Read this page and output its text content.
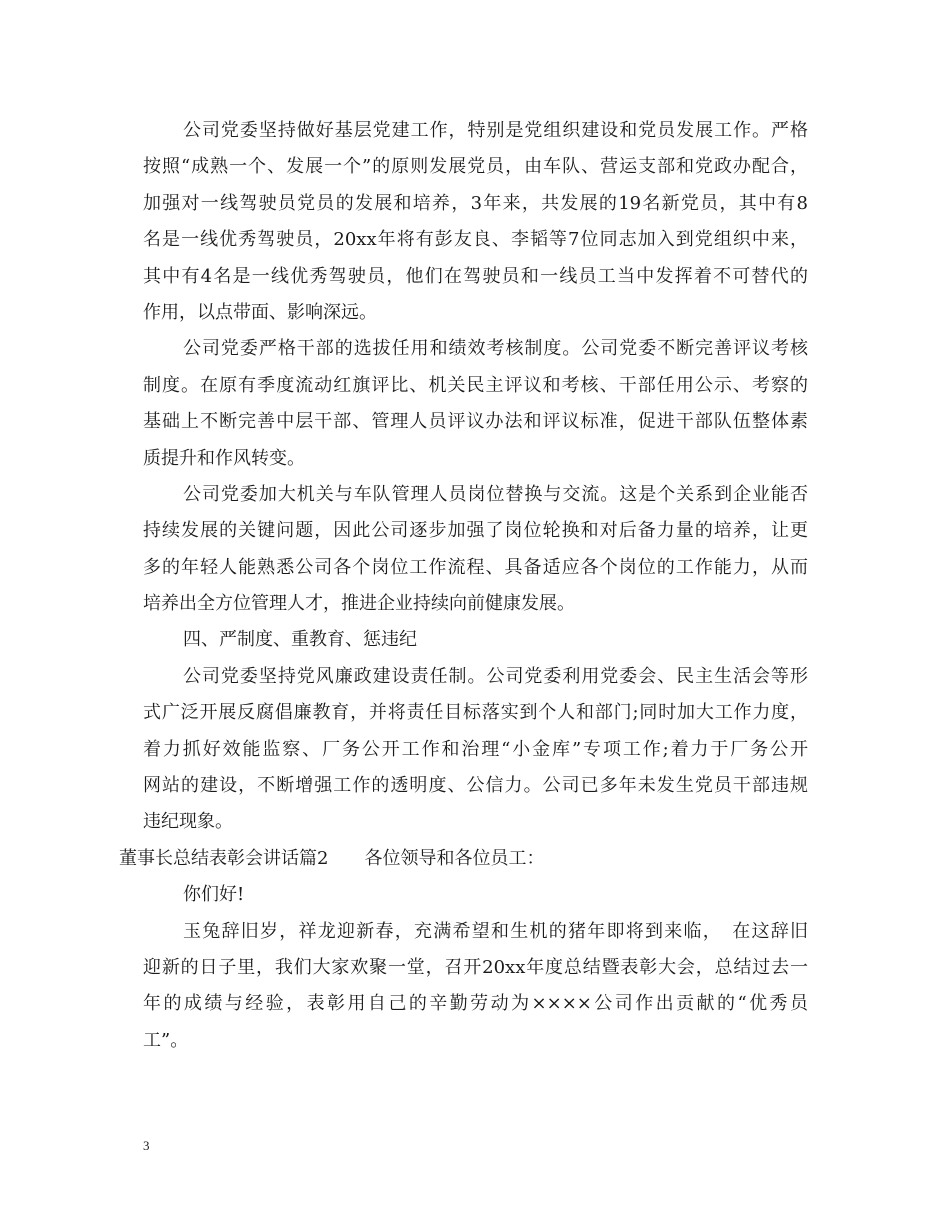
公司党委坚持做好基层党建工作，特别是党组织建设和党员发展工作。严格
按照“成熟一个、发展一个”的原则发展党员，由车队、营运支部和党政办配合，
加强对一线驾驶员党员的发展和培养，3年来，共发展的19名新党员，其中有8
名是一线优秀驾驶员，20xx年将有彭友良、李韬等7位同志加入到党组织中来，
其中有4名是一线优秀驾驶员，他们在驾驶员和一线员工当中发挥着不可替代的
作用，以点带面、影响深远。
公司党委严格干部的选拔任用和绩效考核制度。公司党委不断完善评议考核
制度。在原有季度流动红旗评比、机关民主评议和考核、干部任用公示、考察的
基础上不断完善中层干部、管理人员评议办法和评议标准，促进干部队伍整体素
质提升和作风转变。
公司党委加大机关与车队管理人员岗位替换与交流。这是个关系到企业能否
持续发展的关键问题，因此公司逐步加强了岗位轮换和对后备力量的培养，让更
多的年轻人能熟悉公司各个岗位工作流程、具备适应各个岗位的工作能力，从而
培养出全方位管理人才，推进企业持续向前健康发展。
四、严制度、重教育、惩违纪
公司党委坚持党风廉政建设责任制。公司党委利用党委会、民主生活会等形
式广泛开展反腐倡廉教育，并将责任目标落实到个人和部门;同时加大工作力度，
着力抓好效能监察、厂务公开工作和治理“小金库”专项工作;着力于厂务公开
网站的建设，不断增强工作的透明度、公信力。公司已多年未发生党员干部违规
违纪现象。
董事长总结表彰会讲话篇2　　各位领导和各位员工：
你们好!
玉兔辞旧岁，祥龙迎新春，充满希望和生机的猪年即将到来临，　在这辞旧
迎新的日子里，我们大家欢聚一堂，召开20xx年度总结暨表彰大会，总结过去一
年的成绩与经验，表彰用自己的辛勤劳动为××××公司作出贡献的“优秀员
工”。
3
